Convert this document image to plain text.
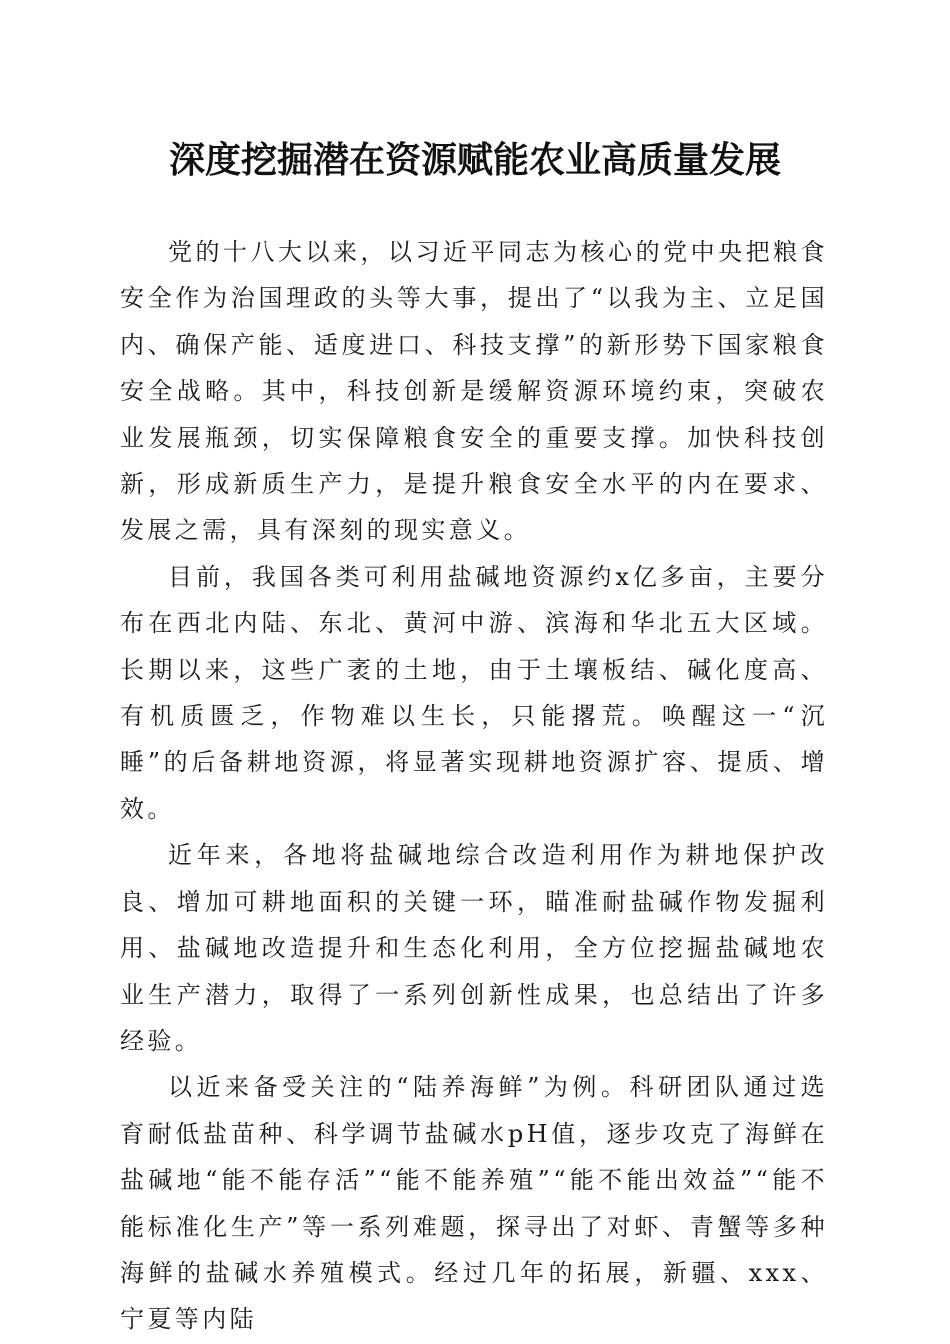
深度挖掘潜在资源赋能农业高质量发展

党的十八大以来，以习近平同志为核心的党中央把粮食安全作为治国理政的头等大事，提出了“以我为主、立足国内、确保产能、适度进口、科技支撑”的新形势下国家粮食安全战略。其中，科技创新是缓解资源环境约束，突破农业发展瓶颈，切实保障粮食安全的重要支撑。加快科技创新，形成新质生产力，是提升粮食安全水平的内在要求、发展之需，具有深刻的现实意义。

目前，我国各类可利用盐碱地资源约x亿多亩，主要分布在西北内陆、东北、黄河中游、滨海和华北五大区域。长期以来，这些广袤的土地，由于土壤板结、碱化度高、有机质匮乏，作物难以生长，只能撂荒。唤醒这一“沉睡”的后备耕地资源，将显著实现耕地资源扩容、提质、增效。

近年来，各地将盐碱地综合改造利用作为耕地保护改良、增加可耕地面积的关键一环，瞄准耐盐碱作物发掘利用、盐碱地改造提升和生态化利用，全方位挖掘盐碱地农业生产潜力，取得了一系列创新性成果，也总结出了许多经验。

以近来备受关注的“陆养海鲜”为例。科研团队通过选育耐低盐苗种、科学调节盐碱水pH值，逐步攻克了海鲜在盐碱地“能不能存活”“能不能养殖”“能不能出效益”“能不能标准化生产”等一系列难题，探寻出了对虾、青蟹等多种海鲜的盐碱水养殖模式。经过几年的拓展，新疆、xxx、宁夏等内陆
